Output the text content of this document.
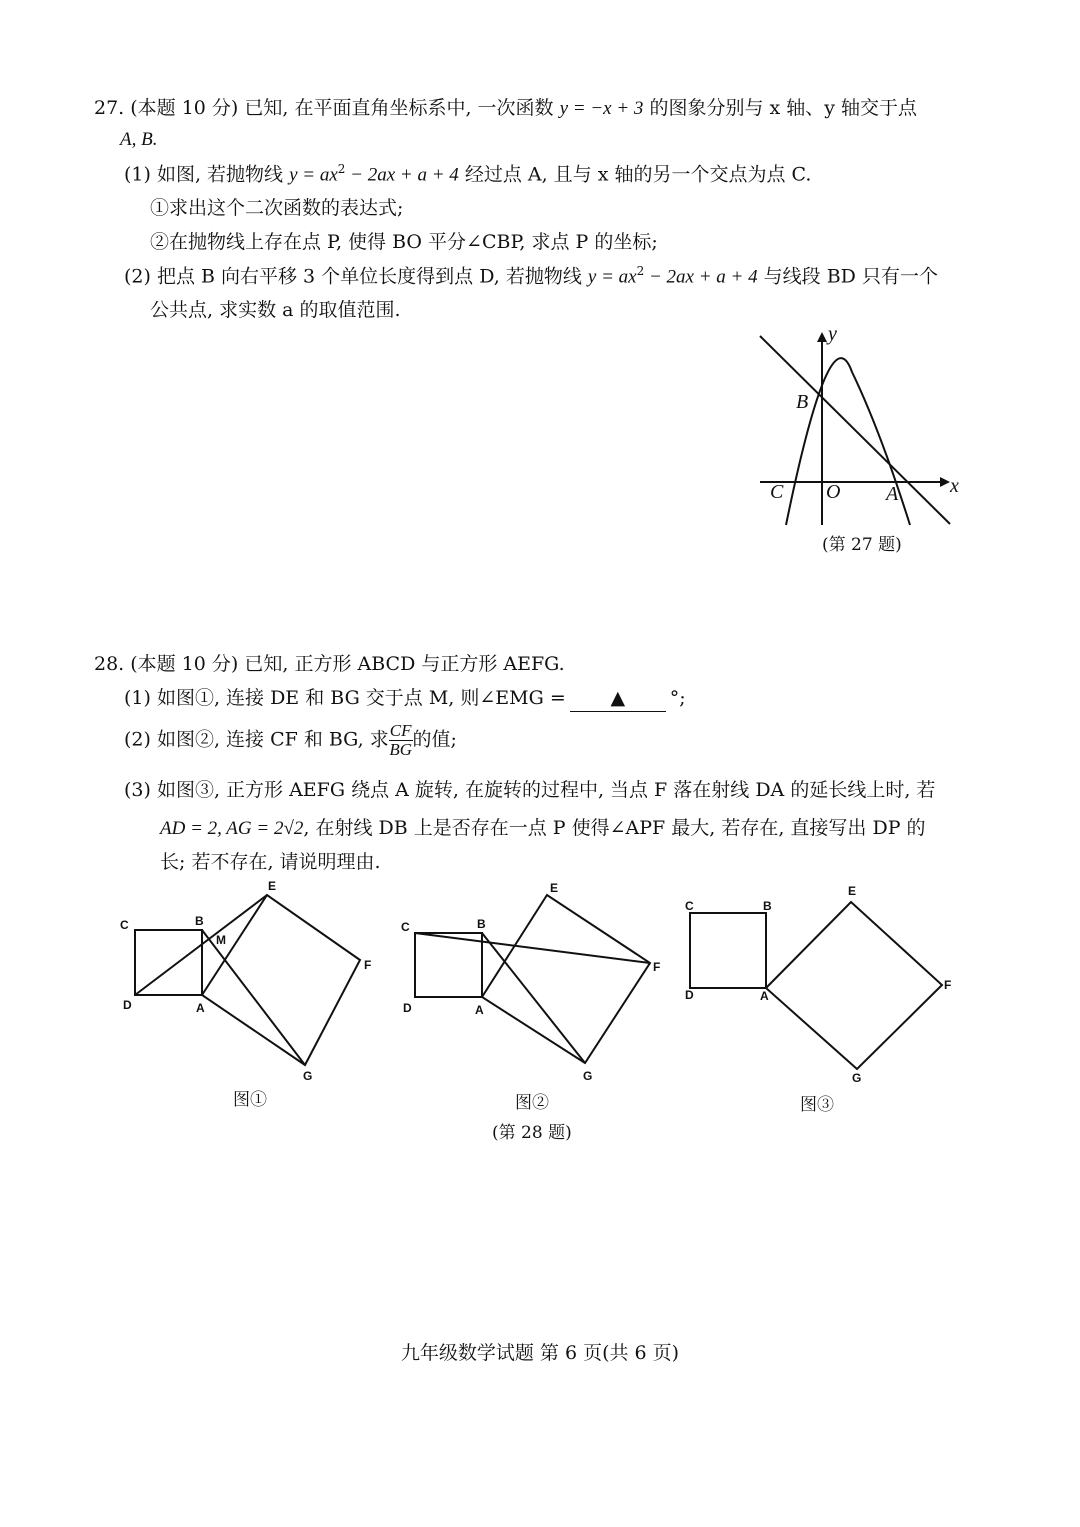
27. (本题 10 分) 已知, 在平面直角坐标系中, 一次函数 y = −x + 3 的图象分别与 x 轴、y 轴交于点
A, B.
(1) 如图, 若抛物线 $y = ax^2 - 2ax + a + 4$ 经过点 A, 且与 x 轴的另一个交点为点 C.
①求出这个二次函数的表达式;
②在抛物线上存在点 P, 使得 BO 平分∠CBP, 求点 P 的坐标;
(2) 把点 B 向右平移 3 个单位长度得到点 D, 若抛物线 $y = ax^2 - 2ax + a + 4$ 与线段 BD 只有一个
公共点, 求实数 a 的取值范围.
y
x
B
C O A
(第 27 题)
28. (本题 10 分) 已知, 正方形 ABCD 与正方形 AEFG.
(1) 如图①, 连接 DE 和 BG 交于点 M, 则∠EMG = ▲ °;
(2) 如图②, 连接 CF 和 BG, 求 $\frac{CF}{BG}$ 的值;
(3) 如图③, 正方形 AEFG 绕点 A 旋转, 在旋转的过程中, 当点 F 落在射线 DA 的延长线上时, 若
AD = 2, AG = 2√2, 在射线 DB 上是否存在一点 P 使得∠APF 最大, 若存在, 直接写出 DP 的
长; 若不存在, 请说明理由.
C	B
M
D	A
E
F
G
C	B
D	A
E
F
G
C	B
D	A
E
F
G
图①	图②	图③
(第 28 题)
九年级数学试题 第 6 页(共 6 页)
